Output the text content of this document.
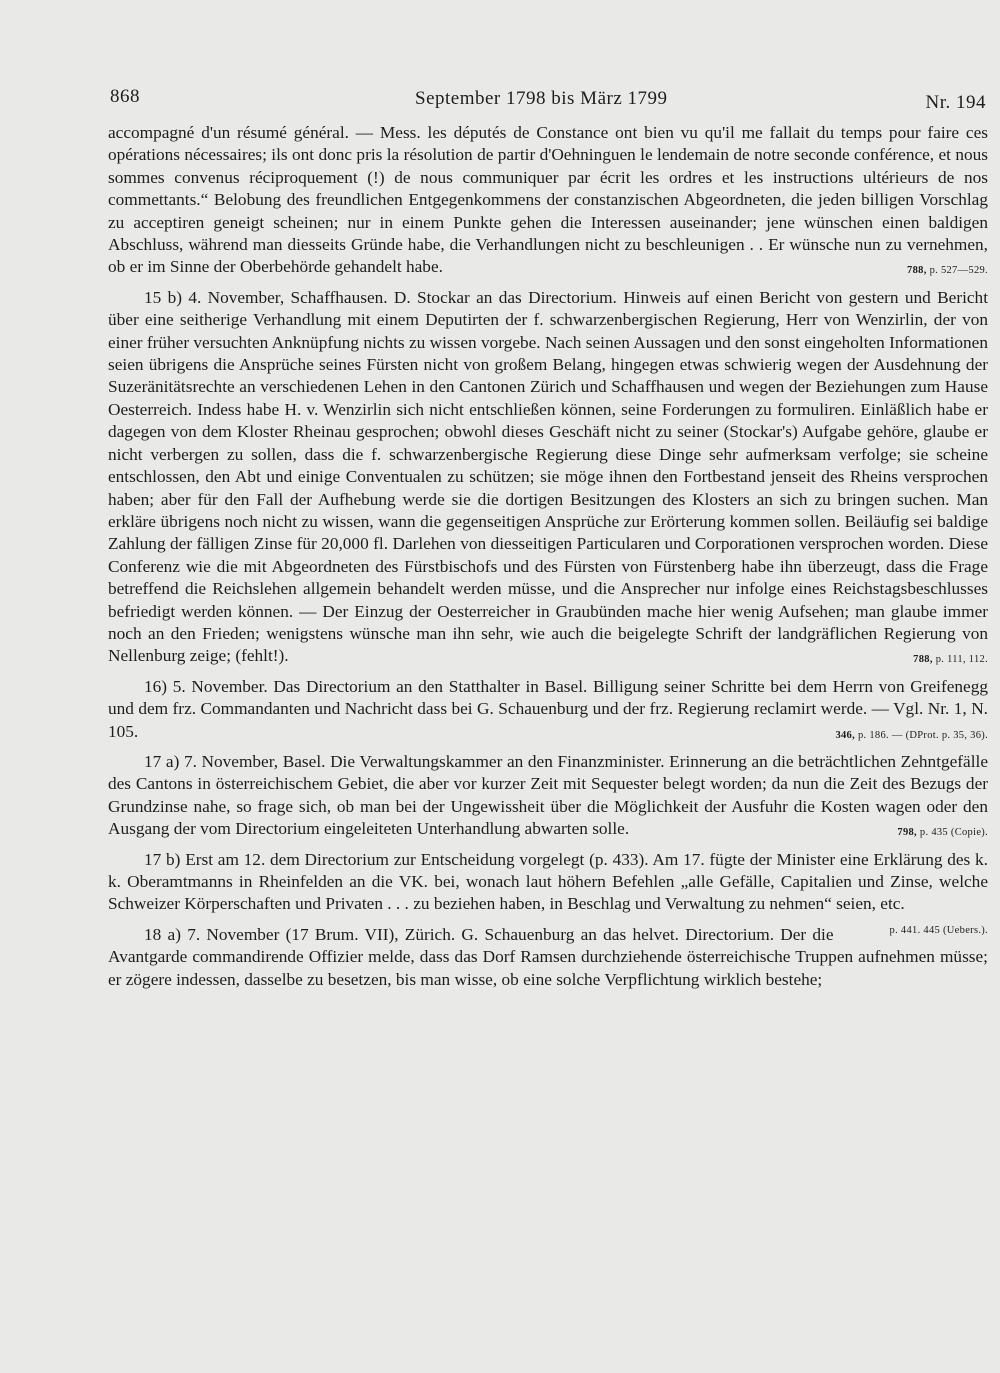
868	September 1798 bis März 1799	Nr. 194

accompagné d'un résumé général. — Mess. les députés de Constance ont bien vu qu'il me fallait du temps pour faire ces opérations nécessaires; ils ont donc pris la résolution de partir d'Oehninguen le lendemain de notre seconde conférence, et nous sommes convenus réciproquement (!) de nous communiquer par écrit les ordres et les instructions ultérieurs de nos commettants.“ Belobung des freundlichen Entgegenkommens der constanzischen Abgeordneten, die jeden billigen Vorschlag zu acceptiren geneigt scheinen; nur in einem Punkte gehen die Interessen auseinander; jene wünschen einen baldigen Abschluss, während man diesseits Gründe habe, die Verhandlungen nicht zu beschleunigen . . Er wünsche nun zu vernehmen, ob er im Sinne der Oberbehörde gehandelt habe.	788, p. 527—529.

15 b) 4. November, Schaffhausen. D. Stockar an das Directorium. Hinweis auf einen Bericht von gestern und Bericht über eine seitherige Verhandlung mit einem Deputirten der f. schwarzenbergischen Regierung, Herr von Wenzirlin, der von einer früher versuchten Anknüpfung nichts zu wissen vorgebe. Nach seinen Aussagen und den sonst eingeholten Informationen seien übrigens die Ansprüche seines Fürsten nicht von großem Belang, hingegen etwas schwierig wegen der Ausdehnung der Suzeränitätsrechte an verschiedenen Lehen in den Cantonen Zürich und Schaffhausen und wegen der Beziehungen zum Hause Oesterreich. Indess habe H. v. Wenzirlin sich nicht entschließen können, seine Forderungen zu formuliren. Einläßlich habe er dagegen von dem Kloster Rheinau gesprochen; obwohl dieses Geschäft nicht zu seiner (Stockar's) Aufgabe gehöre, glaube er nicht verbergen zu sollen, dass die f. schwarzenbergische Regierung diese Dinge sehr aufmerksam verfolge; sie scheine entschlossen, den Abt und einige Conventualen zu schützen; sie möge ihnen den Fortbestand jenseit des Rheins versprochen haben; aber für den Fall der Aufhebung werde sie die dortigen Besitzungen des Klosters an sich zu bringen suchen. Man erkläre übrigens noch nicht zu wissen, wann die gegenseitigen Ansprüche zur Erörterung kommen sollen. Beiläufig sei baldige Zahlung der fälligen Zinse für 20,000 fl. Darlehen von diesseitigen Particularen und Corporationen versprochen worden. Diese Conferenz wie die mit Abgeordneten des Fürstbischofs und des Fürsten von Fürstenberg habe ihn überzeugt, dass die Frage betreffend die Reichslehen allgemein behandelt werden müsse, und die Ansprecher nur infolge eines Reichstagsbeschlusses befriedigt werden können. — Der Einzug der Oesterreicher in Graubünden mache hier wenig Aufsehen; man glaube immer noch an den Frieden; wenigstens wünsche man ihn sehr, wie auch die beigelegte Schrift der landgräflichen Regierung von Nellenburg zeige; (fehlt!).	788, p. 111, 112.

16) 5. November. Das Directorium an den Statthalter in Basel. Billigung seiner Schritte bei dem Herrn von Greifenegg und dem frz. Commandanten und Nachricht dass bei G. Schauenburg und der frz. Regierung reclamirt werde. — Vgl. Nr. 1, N. 105.	346, p. 186. — (DProt. p. 35, 36).

17 a) 7. November, Basel. Die Verwaltungskammer an den Finanzminister. Erinnerung an die beträchtlichen Zehntgefälle des Cantons in österreichischem Gebiet, die aber vor kurzer Zeit mit Sequester belegt worden; da nun die Zeit des Bezugs der Grundzinse nahe, so frage sich, ob man bei der Ungewissheit über die Möglichkeit der Ausfuhr die Kosten wagen oder den Ausgang der vom Directorium eingeleiteten Unterhandlung abwarten solle.	798, p. 435 (Copie).

17 b) Erst am 12. dem Directorium zur Entscheidung vorgelegt (p. 433). Am 17. fügte der Minister eine Erklärung des k. k. Oberamtmanns in Rheinfelden an die VK. bei, wonach laut höhern Befehlen „alle Gefälle, Capitalien und Zinse, welche Schweizer Körperschaften und Privaten . . . zu beziehen haben, in Beschlag und Verwaltung zu nehmen“ seien, etc.
p. 441. 445 (Uebers.).

18 a) 7. November (17 Brum. VII), Zürich. G. Schauenburg an das helvet. Directorium. Der die Avantgarde commandirende Offizier melde, dass das Dorf Ramsen durchziehende österreichische Truppen aufnehmen müsse; er zögere indessen, dasselbe zu besetzen, bis man wisse, ob eine solche Verpflichtung wirklich bestehe;
